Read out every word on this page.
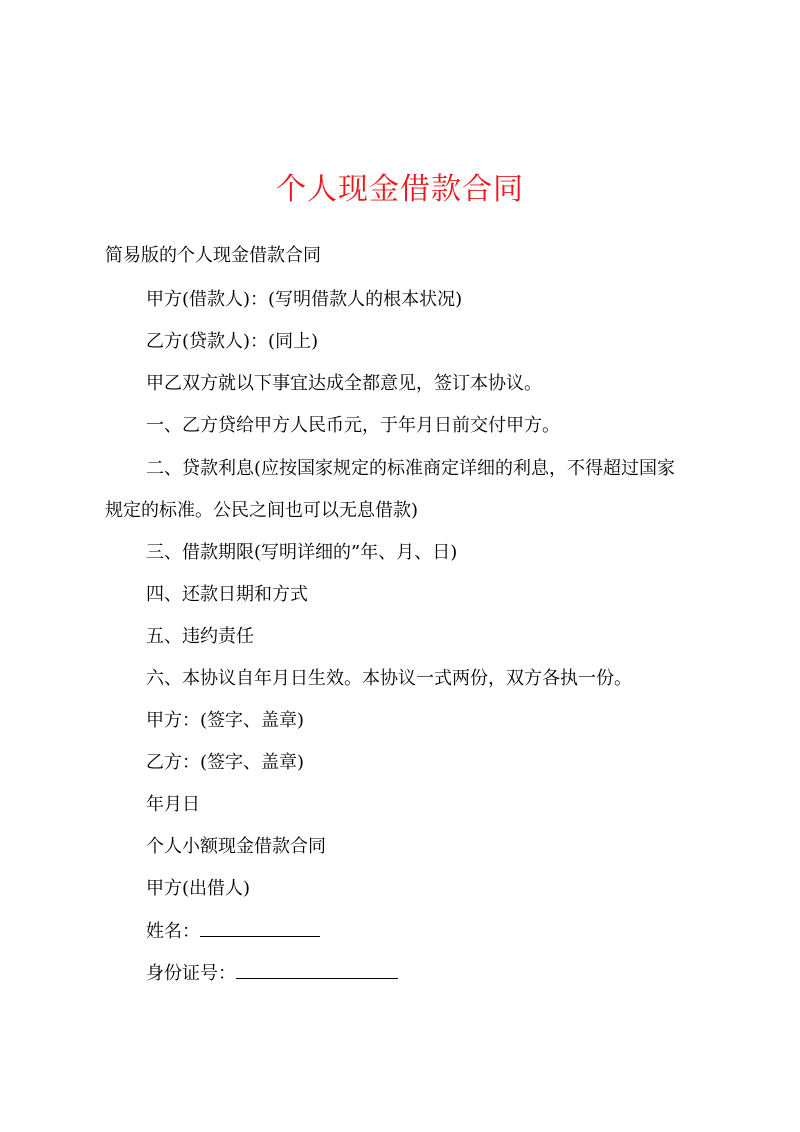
个人现金借款合同
简易版的个人现金借款合同
甲方(借款人)：(写明借款人的根本状况)
乙方(贷款人)：(同上)
甲乙双方就以下事宜达成全都意见，签订本协议。
一、乙方贷给甲方人民币元，于年月日前交付甲方。
二、贷款利息(应按国家规定的标准商定详细的利息，不得超过国家
规定的标准。公民之间也可以无息借款)
三、借款期限(写明详细的”年、月、日)
四、还款日期和方式
五、违约责任
六、本协议自年月日生效。本协议一式两份，双方各执一份。
甲方：(签字、盖章)
乙方：(签字、盖章)
年月日
个人小额现金借款合同
甲方(出借人)
姓名：
身份证号：
